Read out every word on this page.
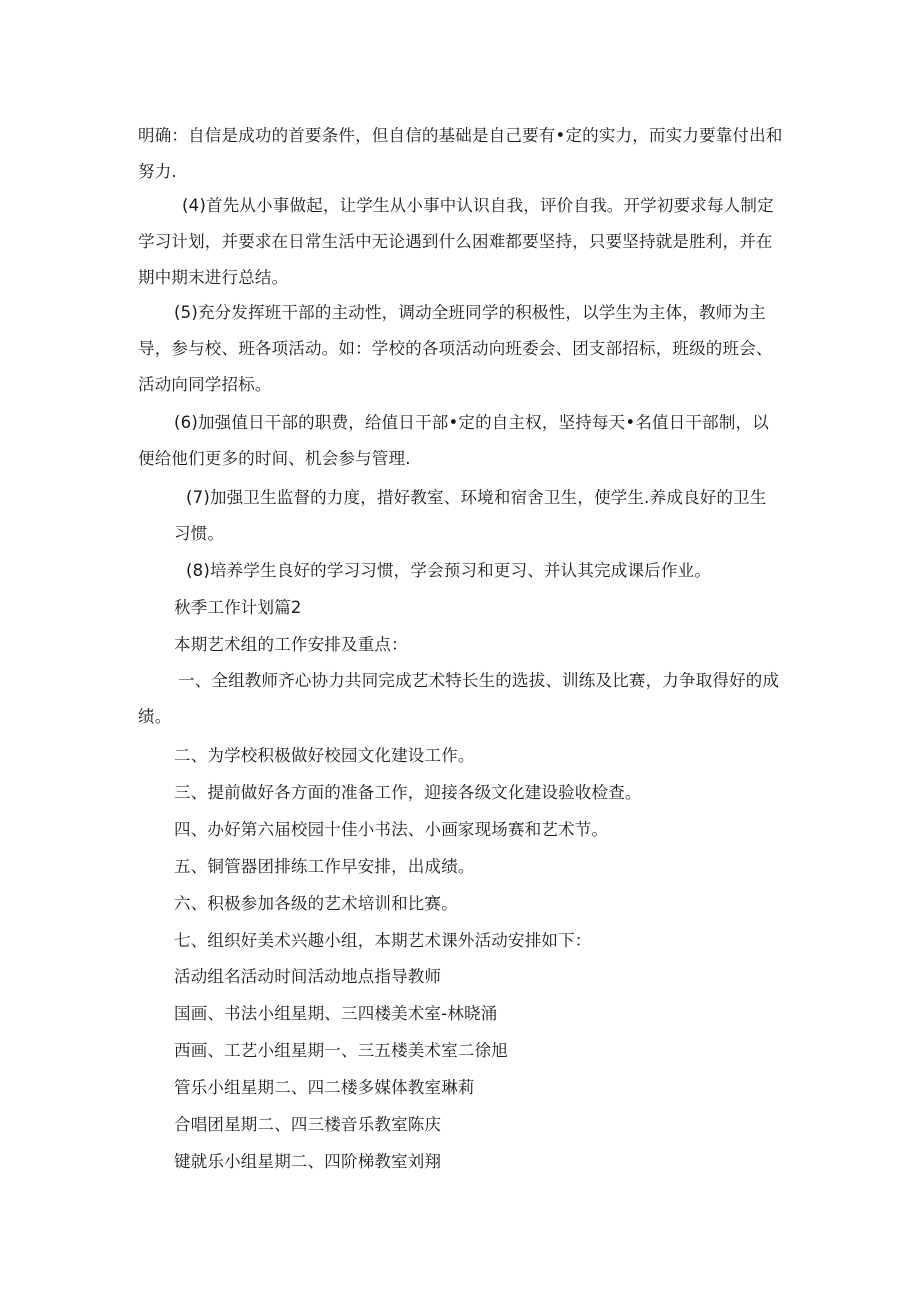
明确：自信是成功的首要条件，但自信的基础是自己要有•定的实力，而实力要靠付出和努力.

(4)首先从小事做起，让学生从小事中认识自我，评价自我。开学初要求每人制定学习计划，并要求在日常生活中无论遇到什么困难都要坚持，只要坚持就是胜利，并在期中期末进行总结。

(5)充分发挥班干部的主动性，调动全班同学的积极性，以学生为主体，教师为主导，参与校、班各项活动。如：学校的各项活动向班委会、团支部招标，班级的班会、活动向同学招标。

(6)加强值日干部的职费，给值日干部•定的自主权，坚持每天•名值日干部制，以便给他们更多的时间、机会参与管理.

(7)加强卫生监督的力度，措好教室、环境和宿舍卫生，使学生.养成良好的卫生

习惯。

(8)培养学生良好的学习习惯，学会预习和更习、并认其完成课后作业。

秋季工作计划篇2

本期艺术组的工作安排及重点：

一、全组教师齐心协力共同完成艺术特长生的选拔、训练及比赛，力争取得好的成绩。

二、为学校积极做好校园文化建设工作。

三、提前做好各方面的准备工作，迎接各级文化建设验收检查。

四、办好第六届校园十佳小书法、小画家现场赛和艺术节。

五、铜管器团排练工作早安排，出成绩。

六、积极参加各级的艺术培训和比赛。

七、组织好美术兴趣小组，本期艺术课外活动安排如下：

活动组名活动时间活动地点指导教师

国画、书法小组星期、三四楼美术室-林晓涌

西画、工艺小组星期一、三五楼美术室二徐旭

管乐小组星期二、四二楼多媒体教室琳莉

合唱团星期二、四三楼音乐教室陈庆

键就乐小组星期二、四阶梯教室刘翔
